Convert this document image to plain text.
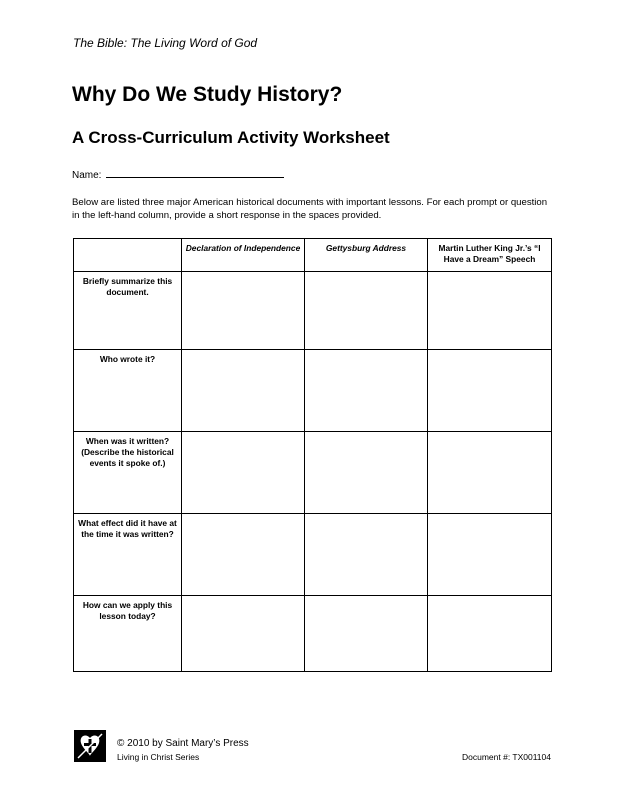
The Bible: The Living Word of God
Why Do We Study History?
A Cross-Curriculum Activity Worksheet
Name:
Below are listed three major American historical documents with important lessons. For each prompt or question in the left-hand column, provide a short response in the spaces provided.
	Declaration of Independence	Gettysburg Address	Martin Luther King Jr.’s “I Have a Dream” Speech
Briefly summarize this document.			
Who wrote it?			
When was it written? (Describe the historical events it spoke of.)			
What effect did it have at the time it was written?			
How can we apply this lesson today?			
© 2010 by Saint Mary’s Press
Living in Christ Series	Document #: TX001104
